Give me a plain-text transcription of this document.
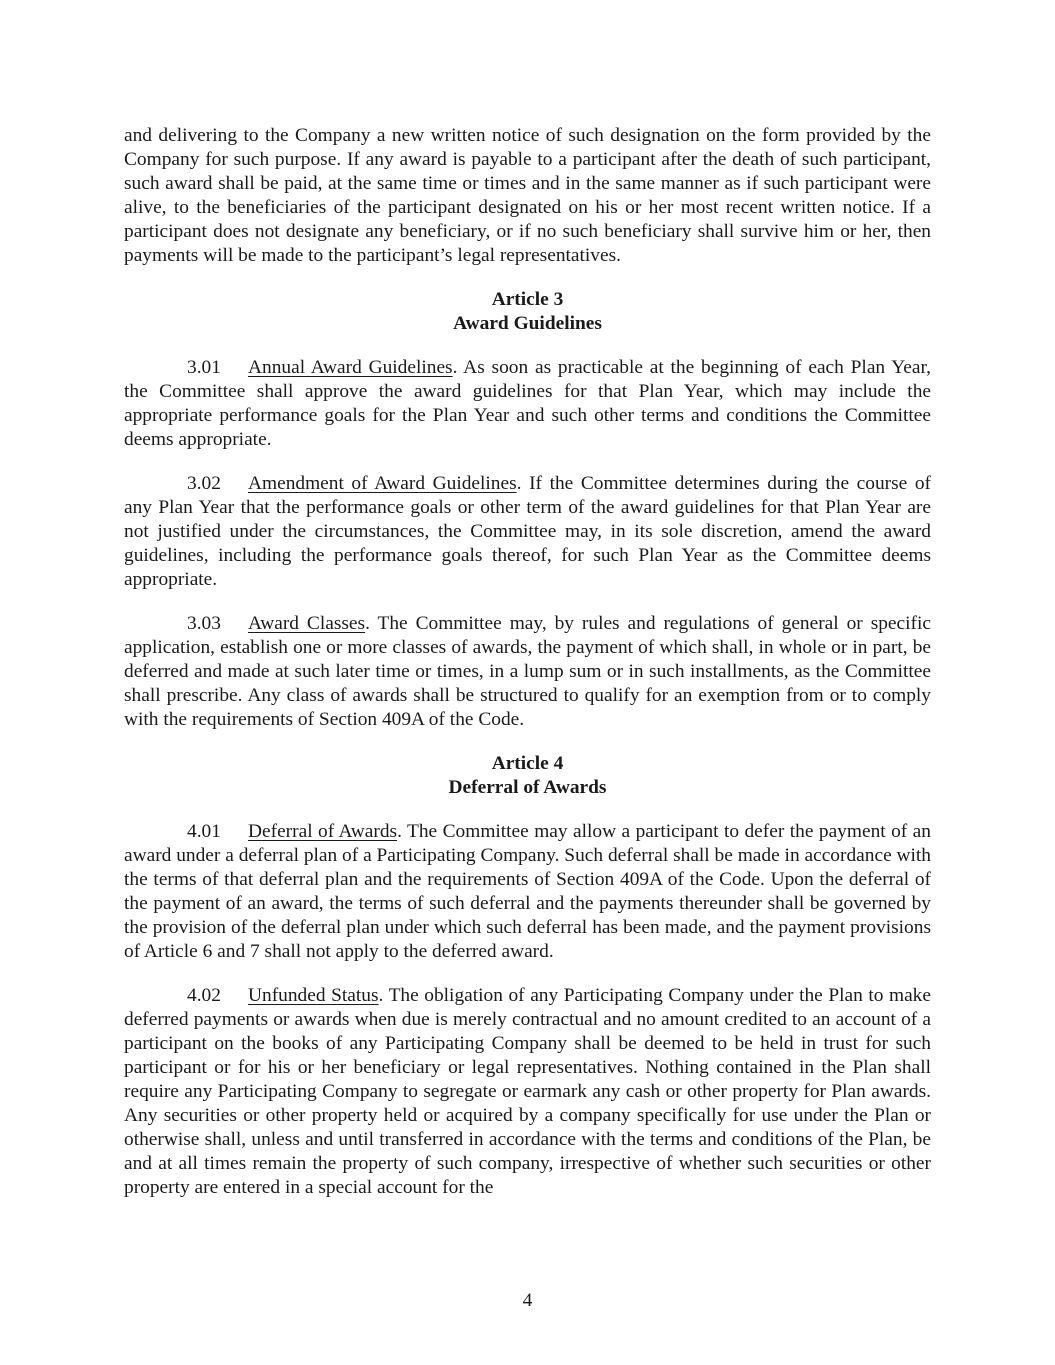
and delivering to the Company a new written notice of such designation on the form provided by the Company for such purpose. If any award is payable to a participant after the death of such participant, such award shall be paid, at the same time or times and in the same manner as if such participant were alive, to the beneficiaries of the participant designated on his or her most recent written notice. If a participant does not designate any beneficiary, or if no such beneficiary shall survive him or her, then payments will be made to the participant’s legal representatives.

Article 3
Award Guidelines

3.01 Annual Award Guidelines. As soon as practicable at the beginning of each Plan Year, the Committee shall approve the award guidelines for that Plan Year, which may include the appropriate performance goals for the Plan Year and such other terms and conditions the Committee deems appropriate.

3.02 Amendment of Award Guidelines. If the Committee determines during the course of any Plan Year that the performance goals or other term of the award guidelines for that Plan Year are not justified under the circumstances, the Committee may, in its sole discretion, amend the award guidelines, including the performance goals thereof, for such Plan Year as the Committee deems appropriate.

3.03 Award Classes. The Committee may, by rules and regulations of general or specific application, establish one or more classes of awards, the payment of which shall, in whole or in part, be deferred and made at such later time or times, in a lump sum or in such installments, as the Committee shall prescribe. Any class of awards shall be structured to qualify for an exemption from or to comply with the requirements of Section 409A of the Code.

Article 4
Deferral of Awards

4.01 Deferral of Awards. The Committee may allow a participant to defer the payment of an award under a deferral plan of a Participating Company. Such deferral shall be made in accordance with the terms of that deferral plan and the requirements of Section 409A of the Code. Upon the deferral of the payment of an award, the terms of such deferral and the payments thereunder shall be governed by the provision of the deferral plan under which such deferral has been made, and the payment provisions of Article 6 and 7 shall not apply to the deferred award.

4.02 Unfunded Status. The obligation of any Participating Company under the Plan to make deferred payments or awards when due is merely contractual and no amount credited to an account of a participant on the books of any Participating Company shall be deemed to be held in trust for such participant or for his or her beneficiary or legal representatives. Nothing contained in the Plan shall require any Participating Company to segregate or earmark any cash or other property for Plan awards. Any securities or other property held or acquired by a company specifically for use under the Plan or otherwise shall, unless and until transferred in accordance with the terms and conditions of the Plan, be and at all times remain the property of such company, irrespective of whether such securities or other property are entered in a special account for the

4
